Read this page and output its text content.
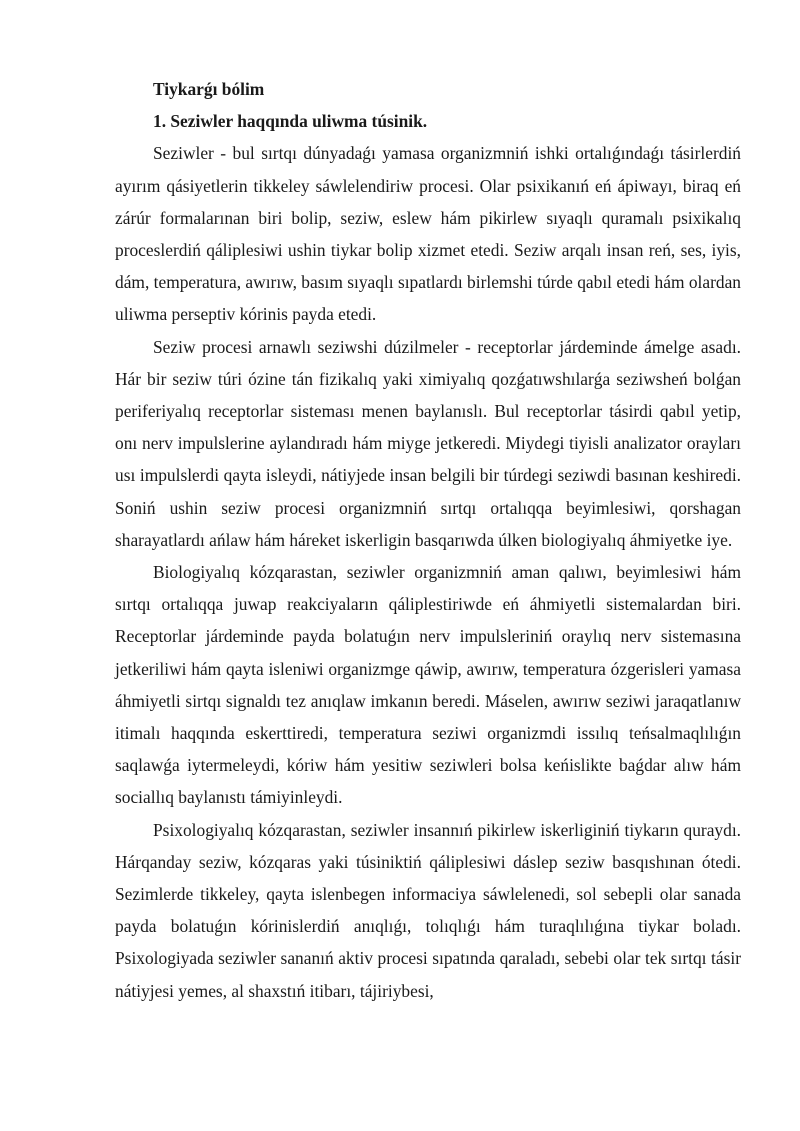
Tiykarǵı bólim

1. Seziwler haqqında uliwma túsinik.

Seziwler - bul sırtqı dúnyadaǵı yamasa organizmniń ishki ortalıǵındaǵı tásirlerdiń ayırım qásiyetlerin tikkeley sáwlelendiriw procesi. Olar psixikanıń eń ápiwayı, biraq eń zárúr formalarınan biri bolip, seziw, eslew hám pikirlew sıyaqlı quramalı psixikalıq proceslerdiń qáliplesiwi ushin tiykar bolip xizmet etedi. Seziw arqalı insan reń, ses, iyis, dám, temperatura, awırıw, basım sıyaqlı sıpatlardı birlemshi túrde qabıl etedi hám olardan uliwma perseptiv kórinis payda etedi.

Seziw procesi arnawlı seziwshi dúzilmeler - receptorlar járdeminde ámelge asadı. Hár bir seziw túri ózine tán fizikalıq yaki ximiyalıq qozǵatıwshılarǵa seziwsheń bolǵan periferiyalıq receptorlar sisteması menen baylanıslı. Bul receptorlar tásirdi qabıl yetip, onı nerv impulslerine aylandıradı hám miyge jetkeredi. Miydegi tiyisli analizator orayları usı impulslerdi qayta isleydi, nátiyjede insan belgili bir túrdegi seziwdi basınan keshiredi. Soniń ushin seziw procesi organizmniń sırtqı ortalıqqa beyimlesiwi, qorshagan sharayatlardı ańlaw hám háreket iskerligin basqarıwda úlken biologiyalıq áhmiyetke iye.

Biologiyalıq kózqarastan, seziwler organizmniń aman qalıwı, beyimlesiwi hám sırtqı ortalıqqa juwap reakciyaların qáliplestiriwde eń áhmiyetli sistemalardan biri. Receptorlar járdeminde payda bolatuǵın nerv impulsleriniń oraylıq nerv sistemasına jetkeriliwi hám qayta isleniwi organizmge qáwip, awırıw, temperatura ózgerisleri yamasa áhmiyetli sirtqı signaldı tez anıqlaw imkanın beredi. Máselen, awırıw seziwi jaraqatlanıw itimalı haqqında eskerttiredi, temperatura seziwi organizmdi issılıq teńsalmaqlılıǵın saqlawǵa iytermeleydi, kóriw hám yesitiw seziwleri bolsa keńislikte baǵdar alıw hám sociallıq baylanıstı támiyinleydi.

Psixologiyalıq kózqarastan, seziwler insannıń pikirlew iskerliginiń tiykarın quraydı. Hárqanday seziw, kózqaras yaki túsiniktiń qáliplesiwi dáslep seziw basqıshınan ótedi. Sezimlerde tikkeley, qayta islenbegen informaciya sáwlelenedi, sol sebepli olar sanada payda bolatuǵın kórinislerdiń anıqlıǵı, tolıqlıǵı hám turaqlılıǵına tiykar boladı. Psixologiyada seziwler sananıń aktiv procesi sıpatında qaraladı, sebebi olar tek sırtqı tásir nátiyjesi yemes, al shaxstıń itibarı, tájiriybesi,
